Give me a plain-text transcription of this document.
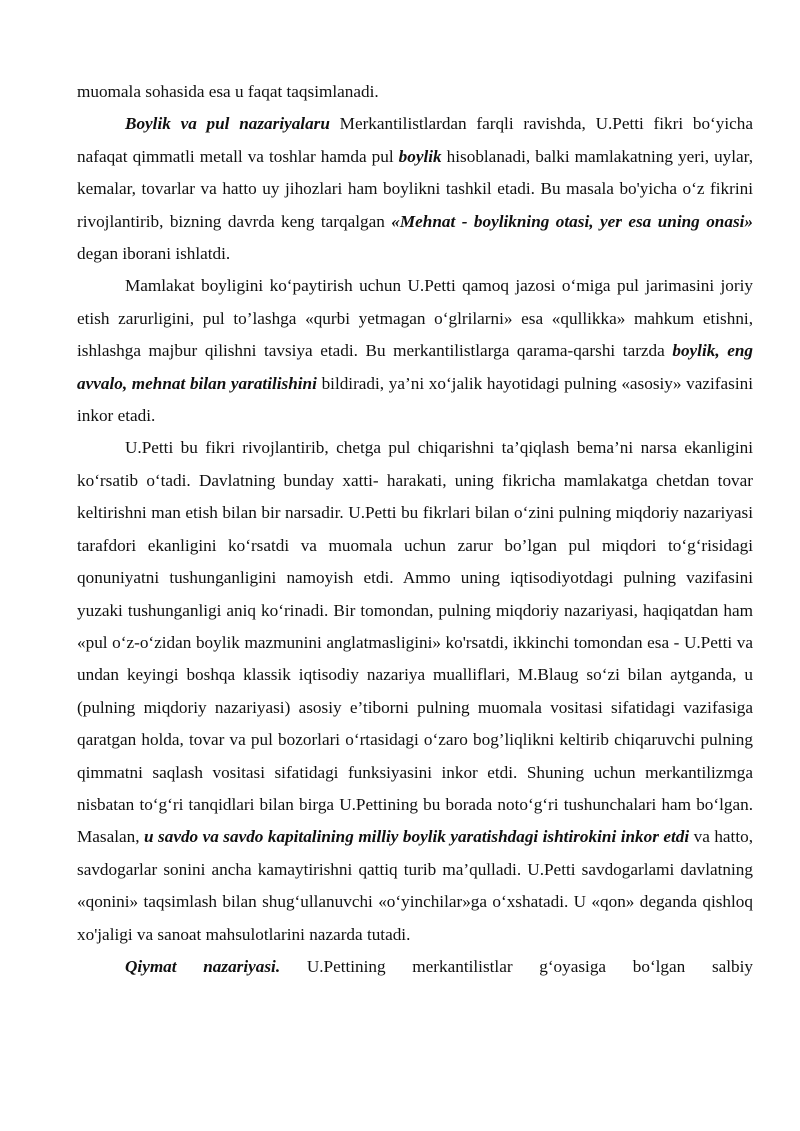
muomala sohasida esa u faqat taqsimlanadi.

Boylik va pul nazariyalaru Merkantilistlardan farqli ravishda, U.Petti fikri bo‘yicha nafaqat qimmatli metall va toshlar hamda pul boylik hisoblanadi, balki mamlakatning yeri, uylar, kemalar, tovarlar va hatto uy jihozlari ham boylikni tashkil etadi. Bu masala bo'yicha o‘z fikrini rivojlantirib, bizning davrda keng tarqalgan «Mehnat - boylikning otasi, yer esa uning onasi» degan iborani ishlatdi.

Mamlakat boyligini ko‘paytirish uchun U.Petti qamoq jazosi o‘miga pul jarimasini joriy etish zarurligini, pul to’lashga «qurbi yetmagan o‘glrilarni» esa «qullikka» mahkum etishni, ishlashga majbur qilishni tavsiya etadi. Bu merkantilistlarga qarama-qarshi tarzda boylik, eng avvalo, mehnat bilan yaratilishini bildiradi, ya’ni xo‘jalik hayotidagi pulning «asosiy» vazifasini inkor etadi.

U.Petti bu fikri rivojlantirib, chetga pul chiqarishni ta’qiqlash bema’ni narsa ekanligini ko‘rsatib o‘tadi. Davlatning bunday xatti- harakati, uning fikricha mamlakatga chetdan tovar keltirishni man etish bilan bir narsadir. U.Petti bu fikrlari bilan o‘zini pulning miqdoriy nazariyasi tarafdori ekanligini ko‘rsatdi va muomala uchun zarur bo’lgan pul miqdori to‘g‘risidagi qonuniyatni tushunganligini namoyish etdi. Ammo uning iqtisodiyotdagi pulning vazifasini yuzaki tushunganligi aniq ko‘rinadi. Bir tomondan, pulning miqdoriy nazariyasi, haqiqatdan ham «pul o‘z-o‘zidan boylik mazmunini anglatmasligini» ko'rsatdi, ikkinchi tomondan esa - U.Petti va undan keyingi boshqa klassik iqtisodiy nazariya mualliflari, M.Blaug so‘zi bilan aytganda, u (pulning miqdoriy nazariyasi) asosiy e’tiborni pulning muomala vositasi sifatidagi vazifasiga qaratgan holda, tovar va pul bozorlari o‘rtasidagi o‘zaro bog’liqlikni keltirib chiqaruvchi pulning qimmatni saqlash vositasi sifatidagi funksiyasini inkor etdi. Shuning uchun merkantilizmga nisbatan to‘g‘ri tanqidlari bilan birga U.Pettining bu borada noto‘g‘ri tushunchalari ham bo‘lgan. Masalan, u savdo va savdo kapitalining milliy boylik yaratishdagi ishtirokini inkor etdi va hatto, savdogarlar sonini ancha kamaytirishni qattiq turib ma’qulladi. U.Petti savdogarlami davlatning «qonini» taqsimlash bilan shug‘ullanuvchi «o‘yinchilar»ga o‘xshatadi. U «qon» deganda qishloq xo'jaligi va sanoat mahsulotlarini nazarda tutadi.

Qiymat nazariyasi. U.Pettining merkantilistlar g‘oyasiga bo‘lgan salbiy
